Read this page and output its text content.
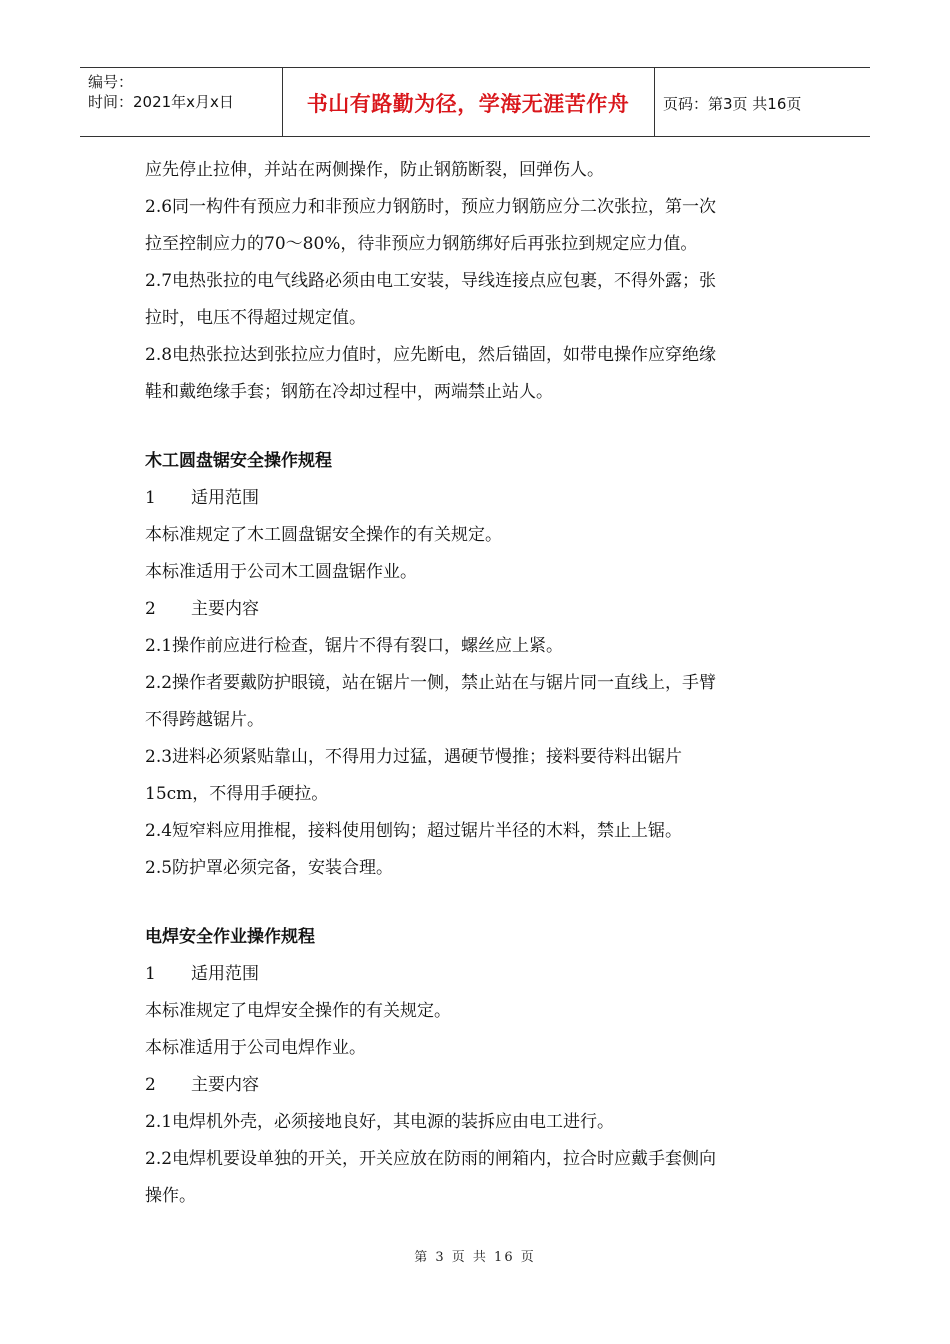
编号：
时间：2021年x月x日	书山有路勤为径，学海无涯苦作舟	页码：第3页 共16页

应先停止拉伸，并站在两侧操作，防止钢筋断裂，回弹伤人。

2.6同一构件有预应力和非预应力钢筋时，预应力钢筋应分二次张拉，第一次

拉至控制应力的70～80%，待非预应力钢筋绑好后再张拉到规定应力值。

2.7电热张拉的电气线路必须由电工安装，导线连接点应包裹，不得外露；张

拉时，电压不得超过规定值。

2.8电热张拉达到张拉应力值时，应先断电，然后锚固，如带电操作应穿绝缘

鞋和戴绝缘手套；钢筋在冷却过程中，两端禁止站人。

木工圆盘锯安全操作规程

1 适用范围

本标准规定了木工圆盘锯安全操作的有关规定。

本标准适用于公司木工圆盘锯作业。

2 主要内容

2.1操作前应进行检查，锯片不得有裂口，螺丝应上紧。

2.2操作者要戴防护眼镜，站在锯片一侧，禁止站在与锯片同一直线上，手臂

不得跨越锯片。

2.3进料必须紧贴靠山，不得用力过猛，遇硬节慢推；接料要待料出锯片

15cm，不得用手硬拉。

2.4短窄料应用推棍，接料使用刨钩；超过锯片半径的木料，禁止上锯。

2.5防护罩必须完备，安装合理。

电焊安全作业操作规程

1 适用范围

本标准规定了电焊安全操作的有关规定。

本标准适用于公司电焊作业。

2 主要内容

2.1电焊机外壳，必须接地良好，其电源的装拆应由电工进行。

2.2电焊机要设单独的开关，开关应放在防雨的闸箱内，拉合时应戴手套侧向

操作。

第 3 页 共 16 页
